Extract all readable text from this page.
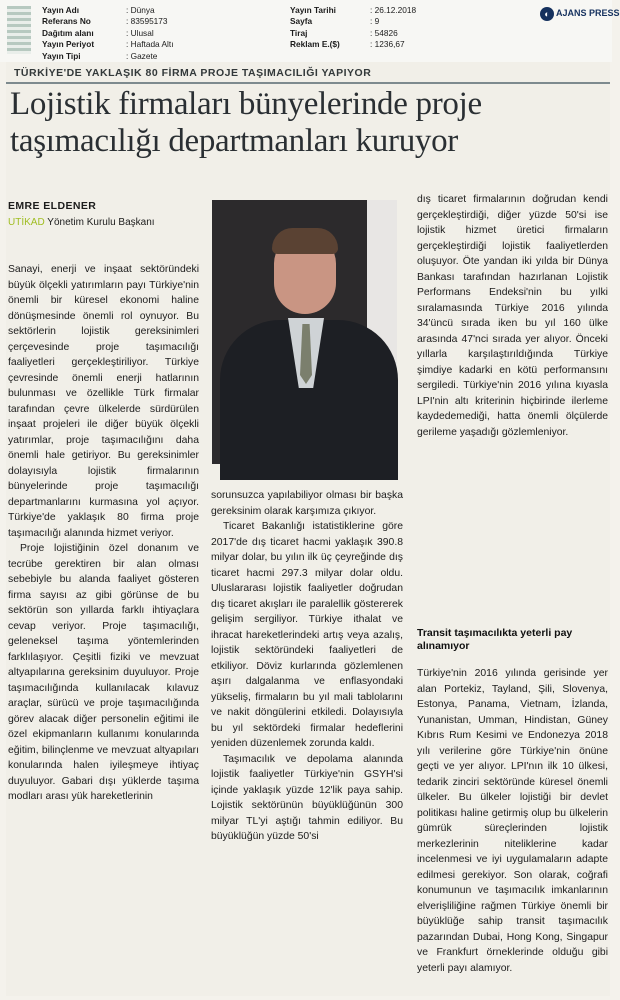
Yayın Adı	: Dünya
Referans No	: 83595173
Dağıtım alanı	: Ulusal
Yayın Periyot	: Haftada Altı
Yayın Tipi	: Gazete
Yayın Tarihi	: 26.12.2018
Sayfa	: 9
Tiraj	: 54826
Reklam E.($)	: 1236,67
◐ AJANS PRESS
TÜRKİYE'DE YAKLAŞIK 80 FİRMA PROJE TAŞIMACILIĞI YAPIYOR
Lojistik firmaları bünyelerinde proje taşımacılığı departmanları kuruyor
EMRE ELDENER
UTİKAD Yönetim Kurulu Başkanı

Sanayi, enerji ve inşaat sektöründeki büyük ölçekli yatırımların payı Türkiye'nin önemli bir küresel ekonomi haline dönüşmesinde önemli rol oynuyor. Bu sektörlerin lojistik gereksinimleri çerçevesinde proje taşımacılığı faaliyetleri gerçekleştiriliyor. Türkiye çevresinde önemli enerji hatlarının bulunması ve özellikle Türk firmalar tarafından çevre ülkelerde sürdürülen inşaat projeleri ile diğer büyük ölçekli yatırımlar, proje taşımacılığını daha önemli hale getiriyor. Bu gereksinimler dolayısıyla lojistik firmalarının bünyelerinde proje taşımacılığı departmanlarını kurmasına yol açıyor. Türkiye'de yaklaşık 80 firma proje taşımacılığı alanında hizmet veriyor.

Proje lojistiğinin özel donanım ve tecrübe gerektiren bir alan olması sebebiyle bu alanda faaliyet gösteren firma sayısı az gibi görünse de bu sektörün son yıllarda farklı ihtiyaçlara cevap veriyor. Proje taşımacılığı, geleneksel taşıma yöntemlerinden farklılaşıyor. Çeşitli fiziki ve mevzuat altyapılarına gereksinim duyuluyor. Proje taşımacılığında kullanılacak kılavuz araçlar, sürücü ve proje taşımacılığında görev alacak diğer personelin eğitimi ile özel ekipmanların kullanımı konularında eğitim, bilinçlenme ve mevzuat altyapıları konularında halen iyileşmeye ihtiyaç duyuluyor. Gabari dışı yüklerde taşıma modları arası yük hareketlerinin

sorunsuzca yapılabiliyor olması bir başka gereksinim olarak karşımıza çıkıyor.

Ticaret Bakanlığı istatistiklerine göre 2017'de dış ticaret hacmi yaklaşık 390.8 milyar dolar, bu yılın ilk üç çeyreğinde dış ticaret hacmi 297.3 milyar dolar oldu. Uluslararası lojistik faaliyetler doğrudan dış ticaret akışları ile paralellik göstererek gelişim sergiliyor. Türkiye ithalat ve ihracat hareketlerindeki artış veya azalış, lojistik sektöründeki faaliyetleri de etkiliyor. Döviz kurlarında gözlemlenen aşırı dalgalanma ve enflasyondaki yükseliş, firmaların bu yıl mali tablolarını ve nakit döngülerini etkiledi. Dolayısıyla bu yıl sektördeki firmalar hedeflerini yeniden düzenlemek zorunda kaldı.

Taşımacılık ve depolama alanında lojistik faaliyetler Türkiye'nin GSYH'si içinde yaklaşık yüzde 12'lik paya sahip. Lojistik sektörünün büyüklüğünün 300 milyar TL'yi aştığı tahmin ediliyor. Bu büyüklüğün yüzde 50'si

dış ticaret firmalarının doğrudan kendi gerçekleştirdiği, diğer yüzde 50'si ise lojistik hizmet üretici firmaların gerçekleştirdiği lojistik faaliyetlerden oluşuyor. Öte yandan iki yılda bir Dünya Bankası tarafından hazırlanan Lojistik Performans Endeksi'nin bu yılki sıralamasında Türkiye 2016 yılında 34'üncü sırada iken bu yıl 160 ülke arasında 47'nci sırada yer alıyor. Önceki yıllarla karşılaştırıldığında Türkiye şimdiye kadarki en kötü performansını sergiledi. Türkiye'nin 2016 yılına kıyasla LPI'nin altı kriterinin hiçbirinde ilerleme kaydedemediği, hatta önemli ölçülerde gerileme yaşadığı gözlemleniyor.

Transit taşımacılıkta yeterli pay alınamıyor

Türkiye'nin 2016 yılında gerisinde yer alan Portekiz, Tayland, Şili, Slovenya, Estonya, Panama, Vietnam, İzlanda, Yunanistan, Umman, Hindistan, Güney Kıbrıs Rum Kesimi ve Endonezya 2018 yılı verilerine göre Türkiye'nin önüne geçti ve yer alıyor. LPI'nın ilk 10 ülkesi, tedarik zinciri sektöründe küresel önemli ülkeler. Bu ülkeler lojistiği bir devlet politikası haline getirmiş olup bu ülkelerin gümrük süreçlerinden lojistik merkezlerinin niteliklerine kadar incelenmesi ve iyi uygulamaların adapte edilmesi gerekiyor. Son olarak, coğrafi konumunun ve taşımacılık imkanlarının elverişliliğine rağmen Türkiye önemli bir büyüklüğe sahip transit taşımacılık pazarından Dubai, Hong Kong, Singapur ve Frankfurt örneklerinde olduğu gibi yeterli payı alamıyor.
